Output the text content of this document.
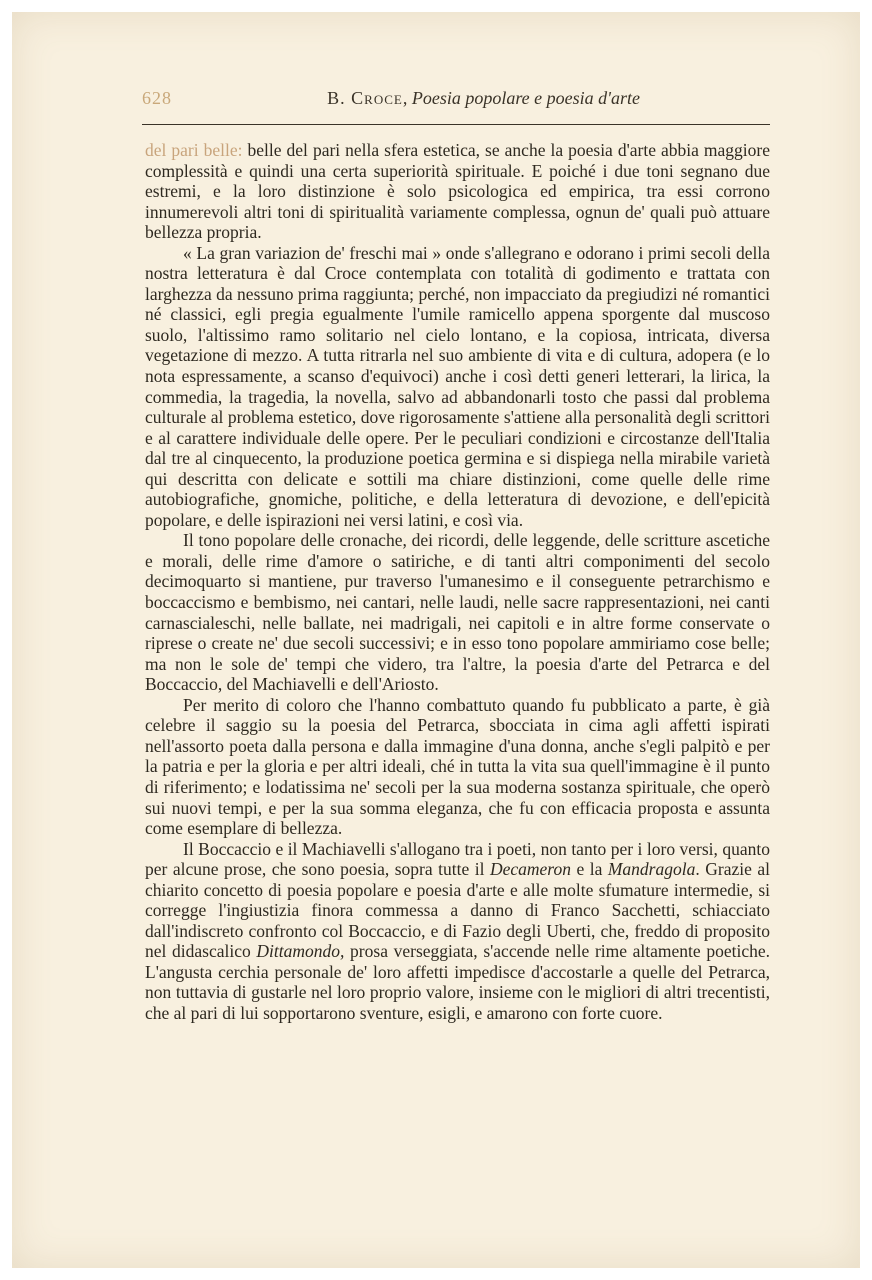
628	B. Croce, Poesia popolare e poesia d'arte

del pari belle: belle del pari nella sfera estetica, se anche la poesia d'arte abbia maggiore complessità e quindi una certa superiorità spirituale. E poiché i due toni segnano due estremi, e la loro distinzione è solo psicologica ed empirica, tra essi corrono innumerevoli altri toni di spiritualità variamente complessa, ognun de' quali può attuare bellezza propria.

« La gran variazion de' freschi mai » onde s'allegrano e odorano i primi secoli della nostra letteratura è dal Croce contemplata con totalità di godimento e trattata con larghezza da nessuno prima raggiunta; perché, non impacciato da pregiudizi né romantici né classici, egli pregia egualmente l'umile ramicello appena sporgente dal muscoso suolo, l'altissimo ramo solitario nel cielo lontano, e la copiosa, intricata, diversa vegetazione di mezzo. A tutta ritrarla nel suo ambiente di vita e di cultura, adopera (e lo nota espressamente, a scanso d'equivoci) anche i così detti generi letterari, la lirica, la commedia, la tragedia, la novella, salvo ad abbandonarli tosto che passi dal problema culturale al problema estetico, dove rigorosamente s'attiene alla personalità degli scrittori e al carattere individuale delle opere. Per le peculiari condizioni e circostanze dell'Italia dal tre al cinquecento, la produzione poetica germina e si dispiega nella mirabile varietà qui descritta con delicate e sottili ma chiare distinzioni, come quelle delle rime autobiografiche, gnomiche, politiche, e della letteratura di devozione, e dell'epicità popolare, e delle ispirazioni nei versi latini, e così via.

Il tono popolare delle cronache, dei ricordi, delle leggende, delle scritture ascetiche e morali, delle rime d'amore o satiriche, e di tanti altri componimenti del secolo decimoquarto si mantiene, pur traverso l'umanesimo e il conseguente petrarchismo e boccaccismo e bembismo, nei cantari, nelle laudi, nelle sacre rappresentazioni, nei canti carnascialeschi, nelle ballate, nei madrigali, nei capitoli e in altre forme conservate o riprese o create ne' due secoli successivi; e in esso tono popolare ammiriamo cose belle; ma non le sole de' tempi che videro, tra l'altre, la poesia d'arte del Petrarca e del Boccaccio, del Machiavelli e dell'Ariosto.

Per merito di coloro che l'hanno combattuto quando fu pubblicato a parte, è già celebre il saggio su la poesia del Petrarca, sbocciata in cima agli affetti ispirati nell'assorto poeta dalla persona e dalla immagine d'una donna, anche s'egli palpitò e per la patria e per la gloria e per altri ideali, ché in tutta la vita sua quell'immagine è il punto di riferimento; e lodatissima ne' secoli per la sua moderna sostanza spirituale, che operò sui nuovi tempi, e per la sua somma eleganza, che fu con efficacia proposta e assunta come esemplare di bellezza.

Il Boccaccio e il Machiavelli s'allogano tra i poeti, non tanto per i loro versi, quanto per alcune prose, che sono poesia, sopra tutte il Decameron e la Mandragola. Grazie al chiarito concetto di poesia popolare e poesia d'arte e alle molte sfumature intermedie, si corregge l'ingiustizia finora commessa a danno di Franco Sacchetti, schiacciato dall'indiscreto confronto col Boccaccio, e di Fazio degli Uberti, che, freddo di proposito nel didascalico Dittamondo, prosa verseggiata, s'accende nelle rime altamente poetiche. L'angusta cerchia personale de' loro affetti impedisce d'accostarle a quelle del Petrarca, non tuttavia di gustarle nel loro proprio valore, insieme con le migliori di altri trecentisti, che al pari di lui sopportarono sventure, esigli, e amarono con forte cuore.
